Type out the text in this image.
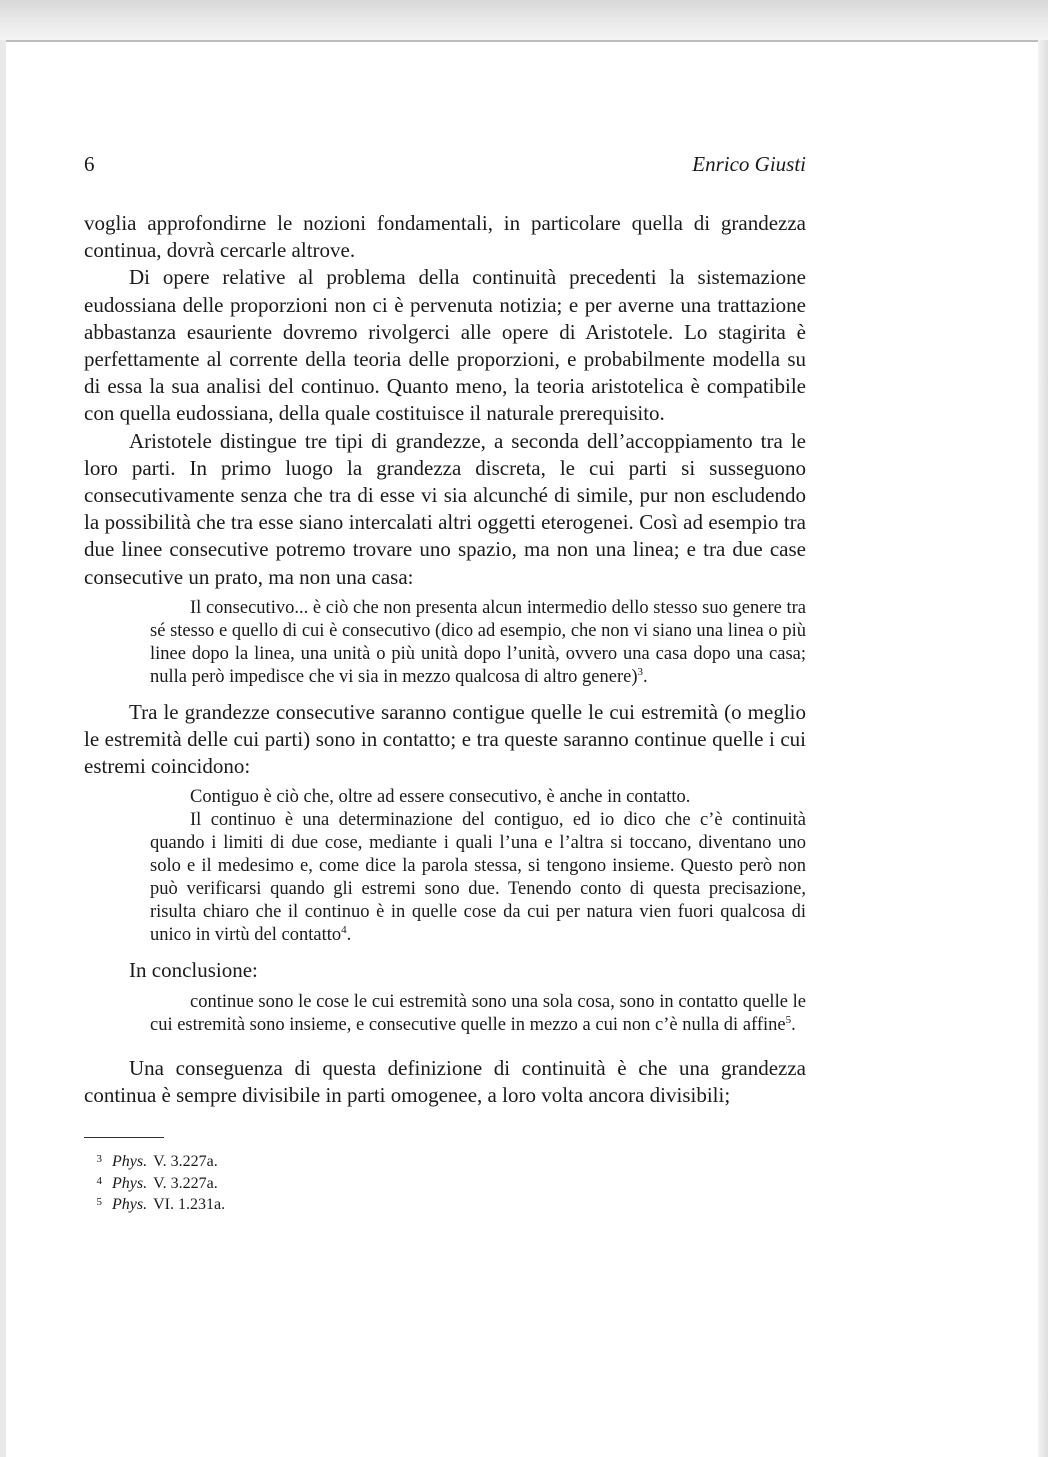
6	Enrico Giusti

voglia approfondirne le nozioni fondamentali, in particolare quella di grandezza continua, dovrà cercarle altrove.

Di opere relative al problema della continuità precedenti la sistemazione eudossiana delle proporzioni non ci è pervenuta notizia; e per averne una trattazione abbastanza esauriente dovremo rivolgerci alle opere di Aristotele. Lo stagirita è perfettamente al corrente della teoria delle proporzioni, e probabilmente modella su di essa la sua analisi del continuo. Quanto meno, la teoria aristotelica è compatibile con quella eudossiana, della quale costituisce il naturale prerequisito.

Aristotele distingue tre tipi di grandezze, a seconda dell’accoppiamento tra le loro parti. In primo luogo la grandezza discreta, le cui parti si susseguono consecutivamente senza che tra di esse vi sia alcunché di simile, pur non escludendo la possibilità che tra esse siano intercalati altri oggetti eterogenei. Così ad esempio tra due linee consecutive potremo trovare uno spazio, ma non una linea; e tra due case consecutive un prato, ma non una casa:

Il consecutivo... è ciò che non presenta alcun intermedio dello stesso suo genere tra sé stesso e quello di cui è consecutivo (dico ad esempio, che non vi siano una linea o più linee dopo la linea, una unità o più unità dopo l’unità, ovvero una casa dopo una casa; nulla però impedisce che vi sia in mezzo qualcosa di altro genere)$^3$.

Tra le grandezze consecutive saranno contigue quelle le cui estremità (o meglio le estremità delle cui parti) sono in contatto; e tra queste saranno continue quelle i cui estremi coincidono:

Contiguo è ciò che, oltre ad essere consecutivo, è anche in contatto.

Il continuo è una determinazione del contiguo, ed io dico che c’è continuità quando i limiti di due cose, mediante i quali l’una e l’altra si toccano, diventano uno solo e il medesimo e, come dice la parola stessa, si tengono insieme. Questo però non può verificarsi quando gli estremi sono due. Tenendo conto di questa precisazione, risulta chiaro che il continuo è in quelle cose da cui per natura vien fuori qualcosa di unico in virtù del contatto$^4$.

In conclusione:

continue sono le cose le cui estremità sono una sola cosa, sono in contatto quelle le cui estremità sono insieme, e consecutive quelle in mezzo a cui non c’è nulla di affine$^5$.

Una conseguenza di questa definizione di continuità è che una grandezza continua è sempre divisibile in parti omogenee, a loro volta ancora divisibili;

3 Phys. V. 3.227a.
4 Phys. V. 3.227a.
5 Phys. VI. 1.231a.
